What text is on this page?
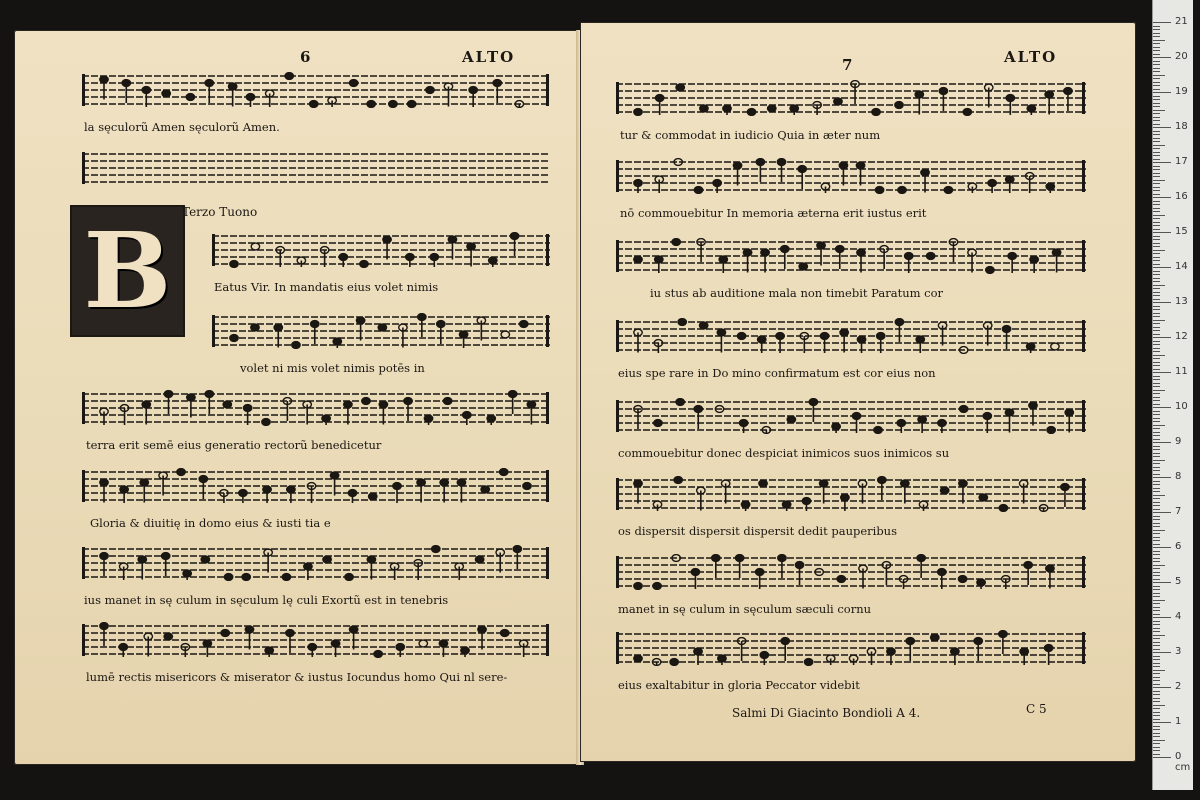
6	ALTO
la sęculorũ Amen sęculorũ Amen.
Eatus Vir. In mandatis eius volet nimis
volet ni mis volet nimis potēs in
terra erit semē eius generatio rectorũ benedicetur
Gloria & diuitię in domo eius & iusti tia e
ius manet in sę culum in sęculum lę culi Exortũ est in tenebris
lumē rectis misericors & miserator & iustus Iocundus homo Qui nl sere-
B Terzo Tuono
7	ALTO
tur & commodat in iudicio Quia in æter num
nō commouebitur In memoria æterna erit iustus erit
iu stus ab auditione mala non timebit Paratum cor
eius spe rare in Do mino confirmatum est cor eius non
commouebitur donec despiciat inimicos suos inimicos su
os dispersit dispersit dispersit dedit pauperibus
manet in sę culum in sęculum sæculi cornu
eius exaltabitur in gloria Peccator videbit
Salmi Di Giacinto Bondioli A 4.	C 5
21
20
19
18
17
16
15
14
13
12
11
10
9
8
7
6
5
4
3
2
1
0 cm
